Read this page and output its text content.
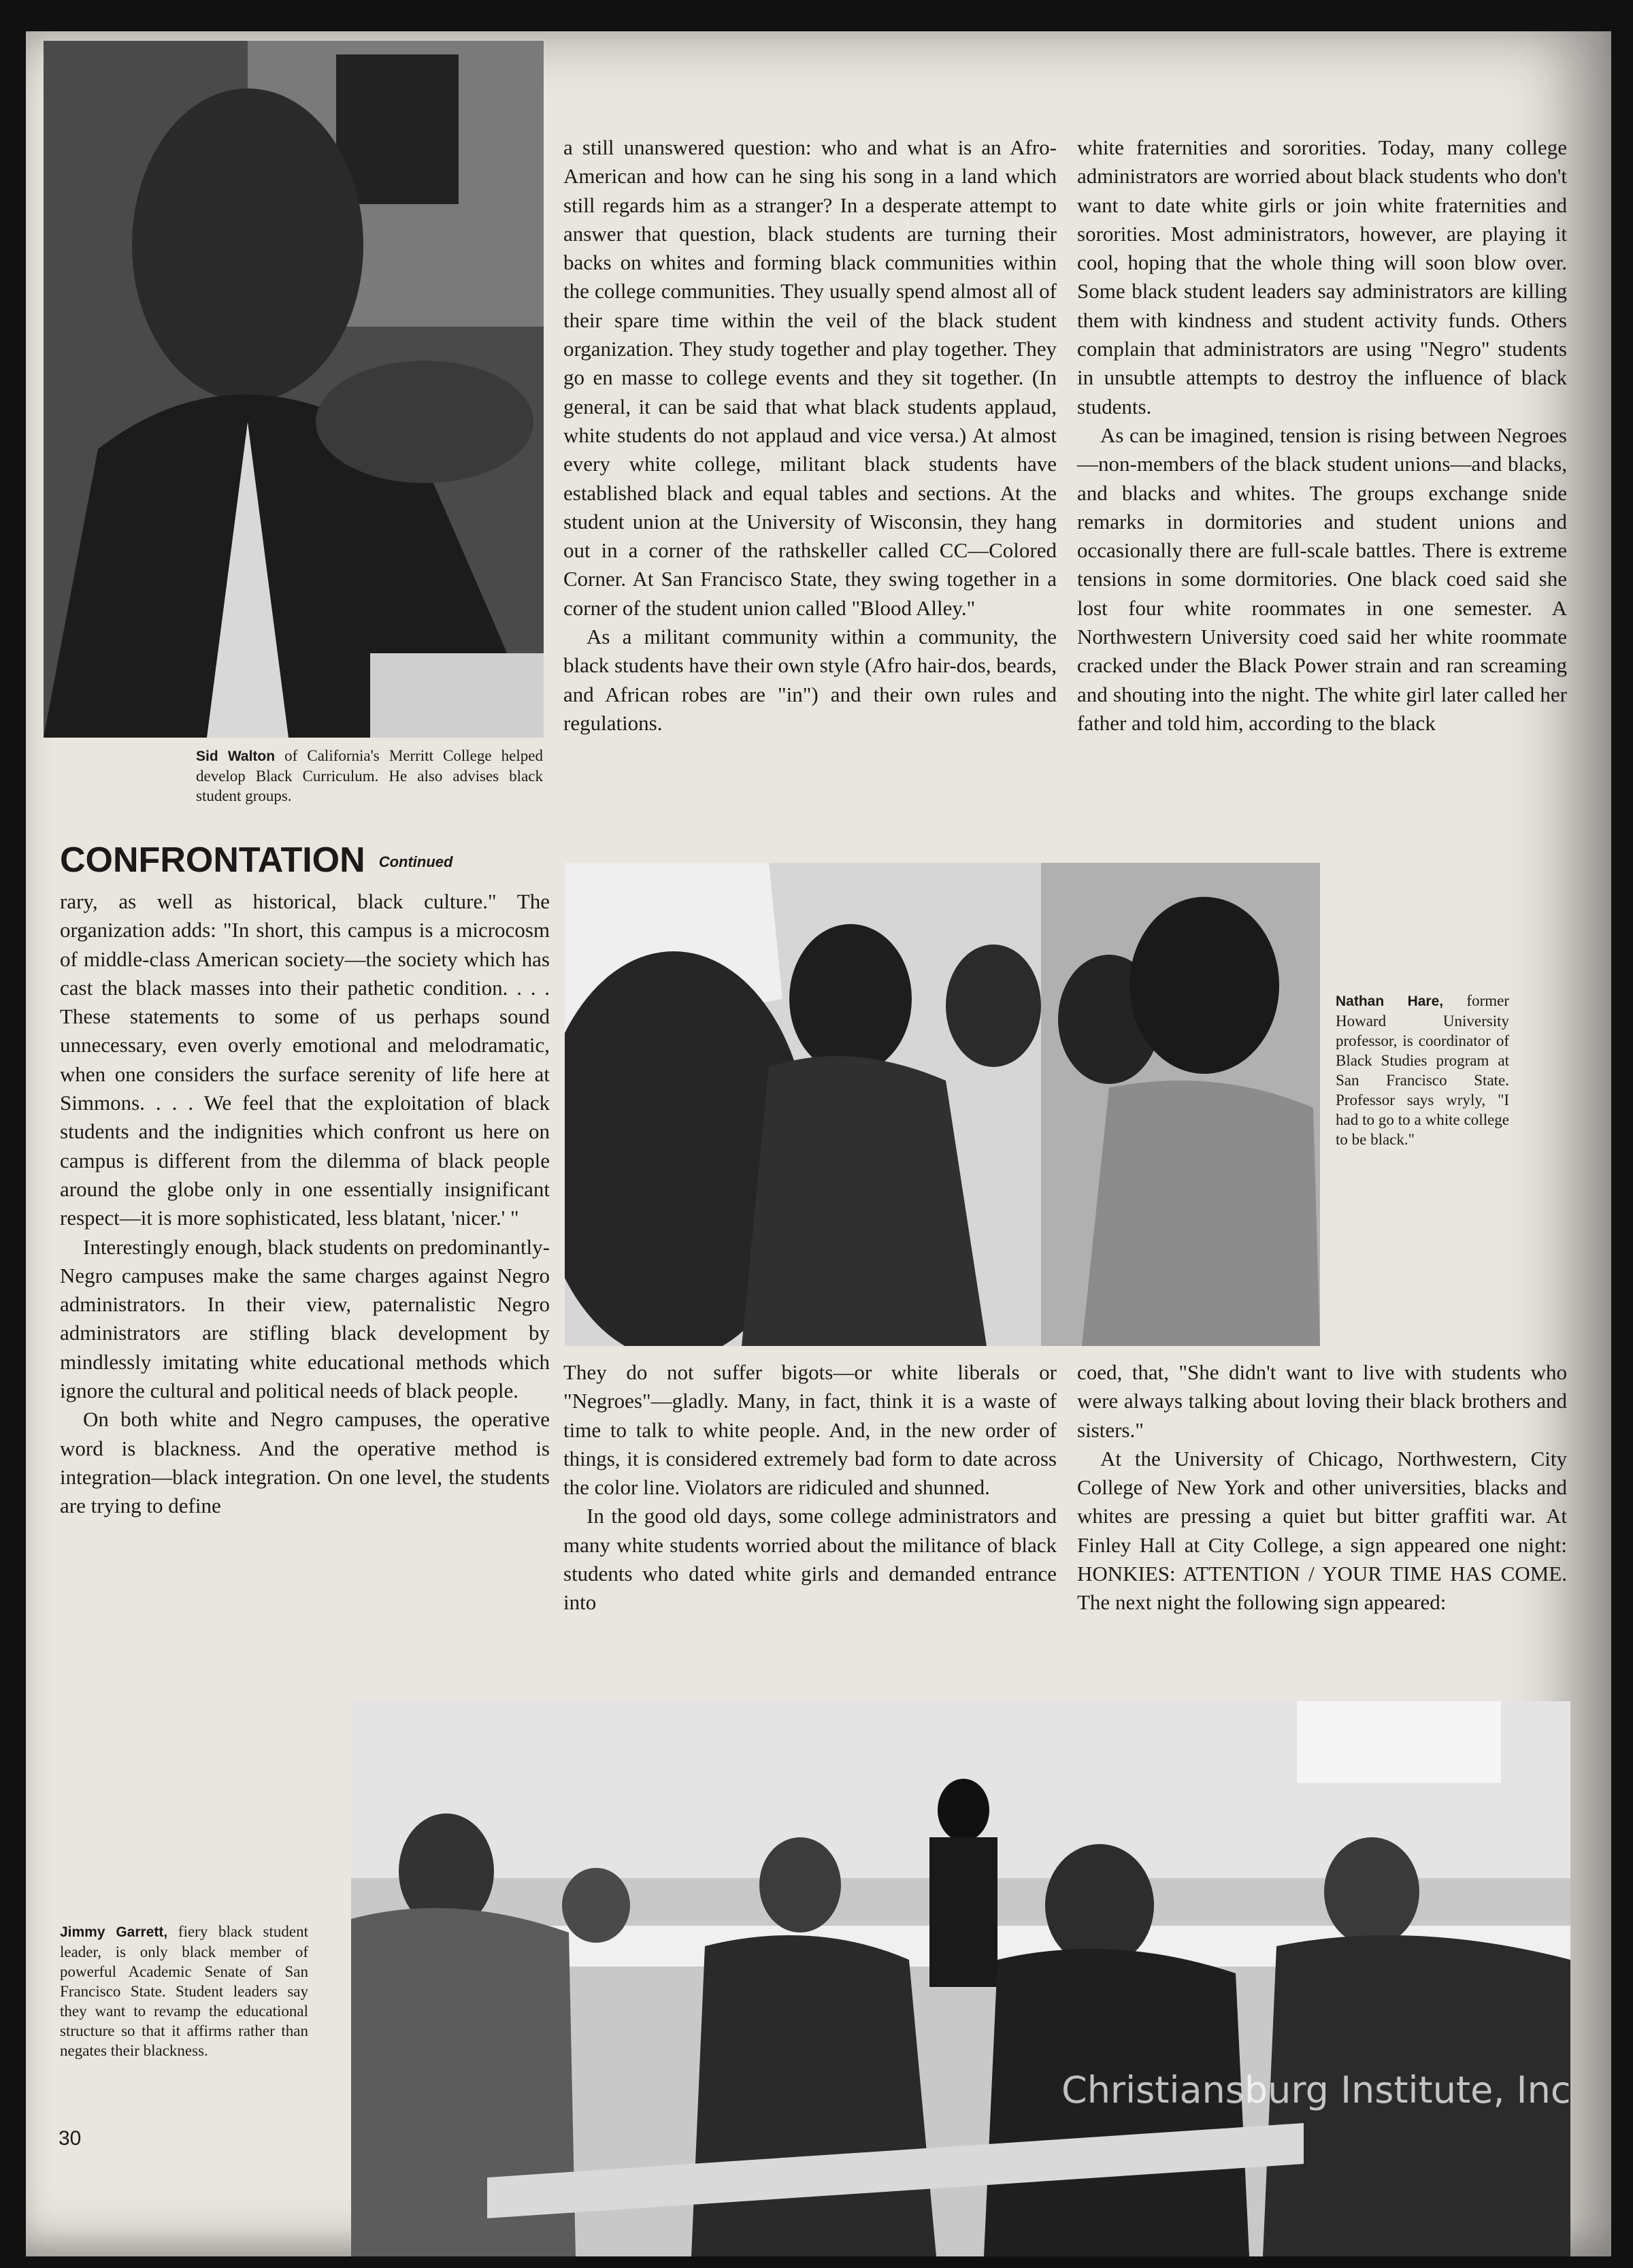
Sid Walton of California's Merritt College helped develop Black Curriculum. He also advises black student groups.
CONFRONTATION Continued

rary, as well as historical, black culture." The organization adds: "In short, this campus is a microcosm of middle-class American society—the society which has cast the black masses into their pathetic condition. . . . These statements to some of us perhaps sound unnecessary, even overly emotional and melodramatic, when one considers the surface serenity of life here at Simmons. . . . We feel that the exploitation of black students and the indignities which confront us here on campus is different from the dilemma of black people around the globe only in one essentially insignificant respect—it is more sophisticated, less blatant, 'nicer.' "

Interestingly enough, black students on predominantly-Negro campuses make the same charges against Negro administrators. In their view, paternalistic Negro administrators are stifling black development by mindlessly imitating white educational methods which ignore the cultural and political needs of black people.

On both white and Negro campuses, the operative word is blackness. And the operative method is integration—black integration. On one level, the students are trying to define

a still unanswered question: who and what is an Afro-American and how can he sing his song in a land which still regards him as a stranger? In a desperate attempt to answer that question, black students are turning their backs on whites and forming black communities within the college communities. They usually spend almost all of their spare time within the veil of the black student organization. They study together and play together. They go en masse to college events and they sit together. (In general, it can be said that what black students applaud, white students do not applaud and vice versa.) At almost every white college, militant black students have established black and equal tables and sections. At the student union at the University of Wisconsin, they hang out in a corner of the rathskeller called CC—Colored Corner. At San Francisco State, they swing together in a corner of the student union called "Blood Alley."

As a militant community within a community, the black students have their own style (Afro hair-dos, beards, and African robes are "in") and their own rules and regulations.

white fraternities and sororities. Today, many college administrators are worried about black students who don't want to date white girls or join white fraternities and sororities. Most administrators, however, are playing it cool, hoping that the whole thing will soon blow over. Some black student leaders say administrators are killing them with kindness and student activity funds. Others complain that administrators are using "Negro" students in unsubtle attempts to destroy the influence of black students.

As can be imagined, tension is rising between Negroes—non-members of the black student unions—and blacks, and blacks and whites. The groups exchange snide remarks in dormitories and student unions and occasionally there are full-scale battles. There is extreme tensions in some dormitories. One black coed said she lost four white roommates in one semester. A Northwestern University coed said her white roommate cracked under the Black Power strain and ran screaming and shouting into the night. The white girl later called her father and told him, according to the black

Nathan Hare, former Howard University professor, is coordinator of Black Studies program at San Francisco State. Professor says wryly, "I had to go to a white college to be black."

They do not suffer bigots—or white liberals or "Negroes"—gladly. Many, in fact, think it is a waste of time to talk to white people. And, in the new order of things, it is considered extremely bad form to date across the color line. Violators are ridiculed and shunned.

In the good old days, some college administrators and many white students worried about the militance of black students who dated white girls and demanded entrance into

coed, that, "She didn't want to live with students who were always talking about loving their black brothers and sisters."

At the University of Chicago, Northwestern, City College of New York and other universities, blacks and whites are pressing a quiet but bitter graffiti war. At Finley Hall at City College, a sign appeared one night: HONKIES: ATTENTION / YOUR TIME HAS COME. The next night the following sign appeared:

Jimmy Garrett, fiery black student leader, is only black member of powerful Academic Senate of San Francisco State. Student leaders say they want to revamp the educational structure so that it affirms rather than negates their blackness.
30
Christiansburg Institute, Inc
